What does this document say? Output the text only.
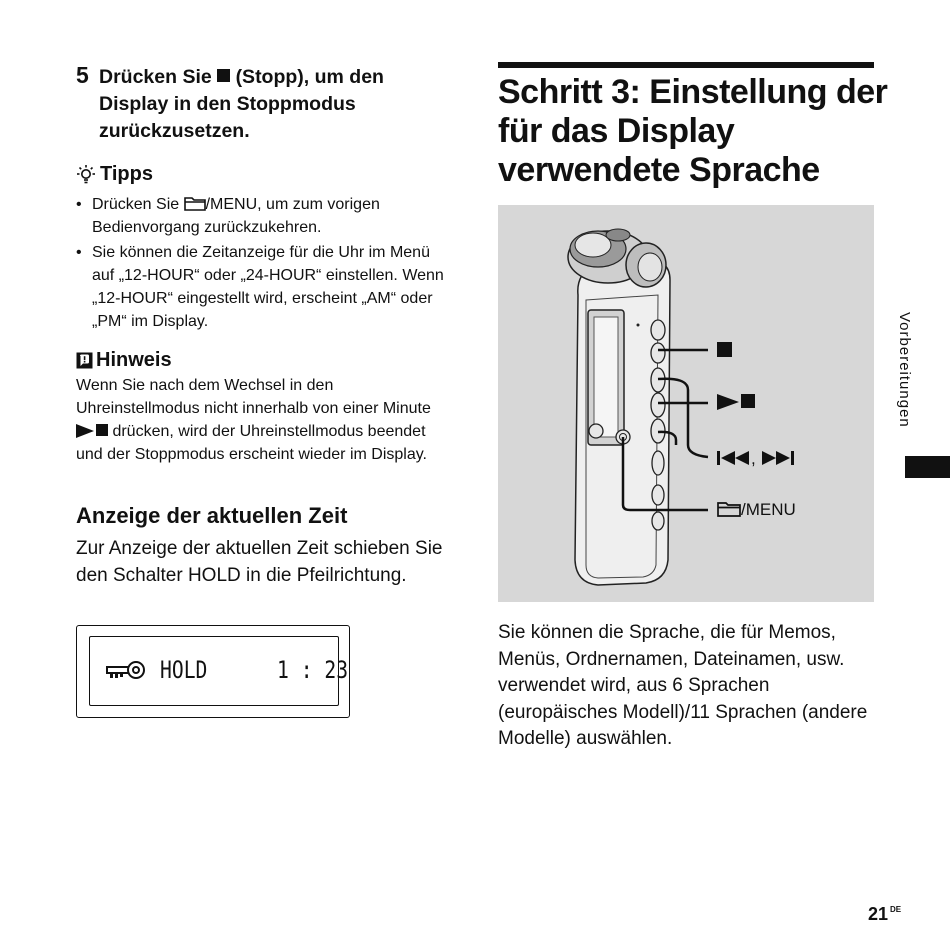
5 Drücken Sie (Stopp), um den Display in den Stoppmodus zurückzusetzen.
Tipps
• Drücken Sie /MENU, um zum vorigen Bedienvorgang zurückzukehren.
• Sie können die Zeitanzeige für die Uhr im Menü auf „12-HOUR“ oder „24-HOUR“ einstellen. Wenn „12-HOUR“ eingestellt wird, erscheint „AM“ oder „PM“ im Display.
Hinweis
Wenn Sie nach dem Wechsel in den Uhreinstellmodus nicht innerhalb von einer Minute  drücken, wird der Uhreinstellmodus beendet und der Stoppmodus erscheint wieder im Display.
Anzeige der aktuellen Zeit
Zur Anzeige der aktuellen Zeit schieben Sie den Schalter HOLD in die Pfeilrichtung.
HOLD	1 : 23
Schritt 3: Einstellung der für das Display verwendete Sprache
,
/MENU
Sie können die Sprache, die für Memos, Menüs, Ordnernamen, Dateinamen, usw. verwendet wird, aus 6 Sprachen (europäisches Modell)/11 Sprachen (andere Modelle) auswählen.
Vorbereitungen
21 $^{DE}$
